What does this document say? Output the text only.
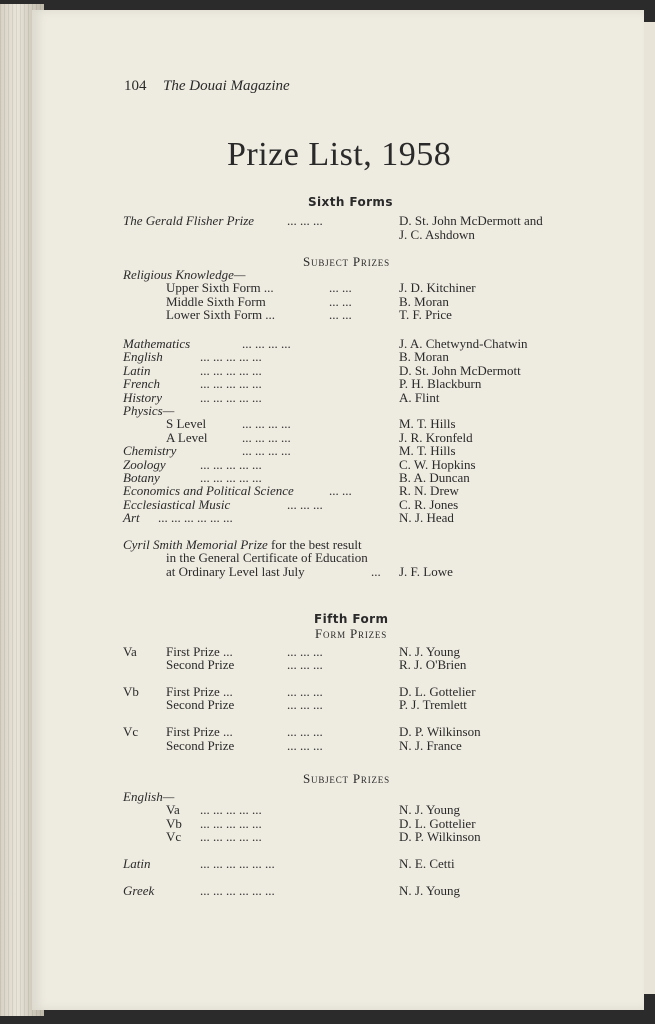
104 The Douai Magazine
Prize List, 1958
Sixth Forms
The Gerald Flisher Prize	... ... ...	D. St. John McDermott and
J. C. Ashdown
Subject Prizes
Religious Knowledge—
Upper Sixth Form ...	... ...	J. D. Kitchiner
Middle Sixth Form	... ...	B. Moran
Lower Sixth Form ...	... ...	T. F. Price
Mathematics	... ... ... ...	J. A. Chetwynd-Chatwin
English	... ... ... ... ...	B. Moran
Latin	... ... ... ... ...	D. St. John McDermott
French	... ... ... ... ...	P. H. Blackburn
History	... ... ... ... ...	A. Flint
Physics—
S Level	... ... ... ...	M. T. Hills
A Level	... ... ... ...	J. R. Kronfeld
Chemistry	... ... ... ...	M. T. Hills
Zoology	... ... ... ... ...	C. W. Hopkins
Botany	... ... ... ... ...	B. A. Duncan
Economics and Political Science	... ...	R. N. Drew
Ecclesiastical Music	... ... ...	C. R. Jones
Art ... ... ... ... ... ...	N. J. Head
Cyril Smith Memorial Prize for the best result
in the General Certificate of Education
at Ordinary Level last July	... J. F. Lowe
Fifth Form
Form Prizes
Va First Prize ...	... ... ...	N. J. Young
Second Prize	... ... ...	R. J. O'Brien
Vb First Prize ...	... ... ...	D. L. Gottelier
Second Prize	... ... ...	P. J. Tremlett
Vc First Prize ...	... ... ...	D. P. Wilkinson
Second Prize	... ... ...	N. J. France
Subject Prizes
English—
Va ... ... ... ... ...	N. J. Young
Vb ... ... ... ... ...	D. L. Gottelier
Vc ... ... ... ... ...	D. P. Wilkinson
Latin	... ... ... ... ... ...	N. E. Cetti
Greek	... ... ... ... ... ...	N. J. Young
